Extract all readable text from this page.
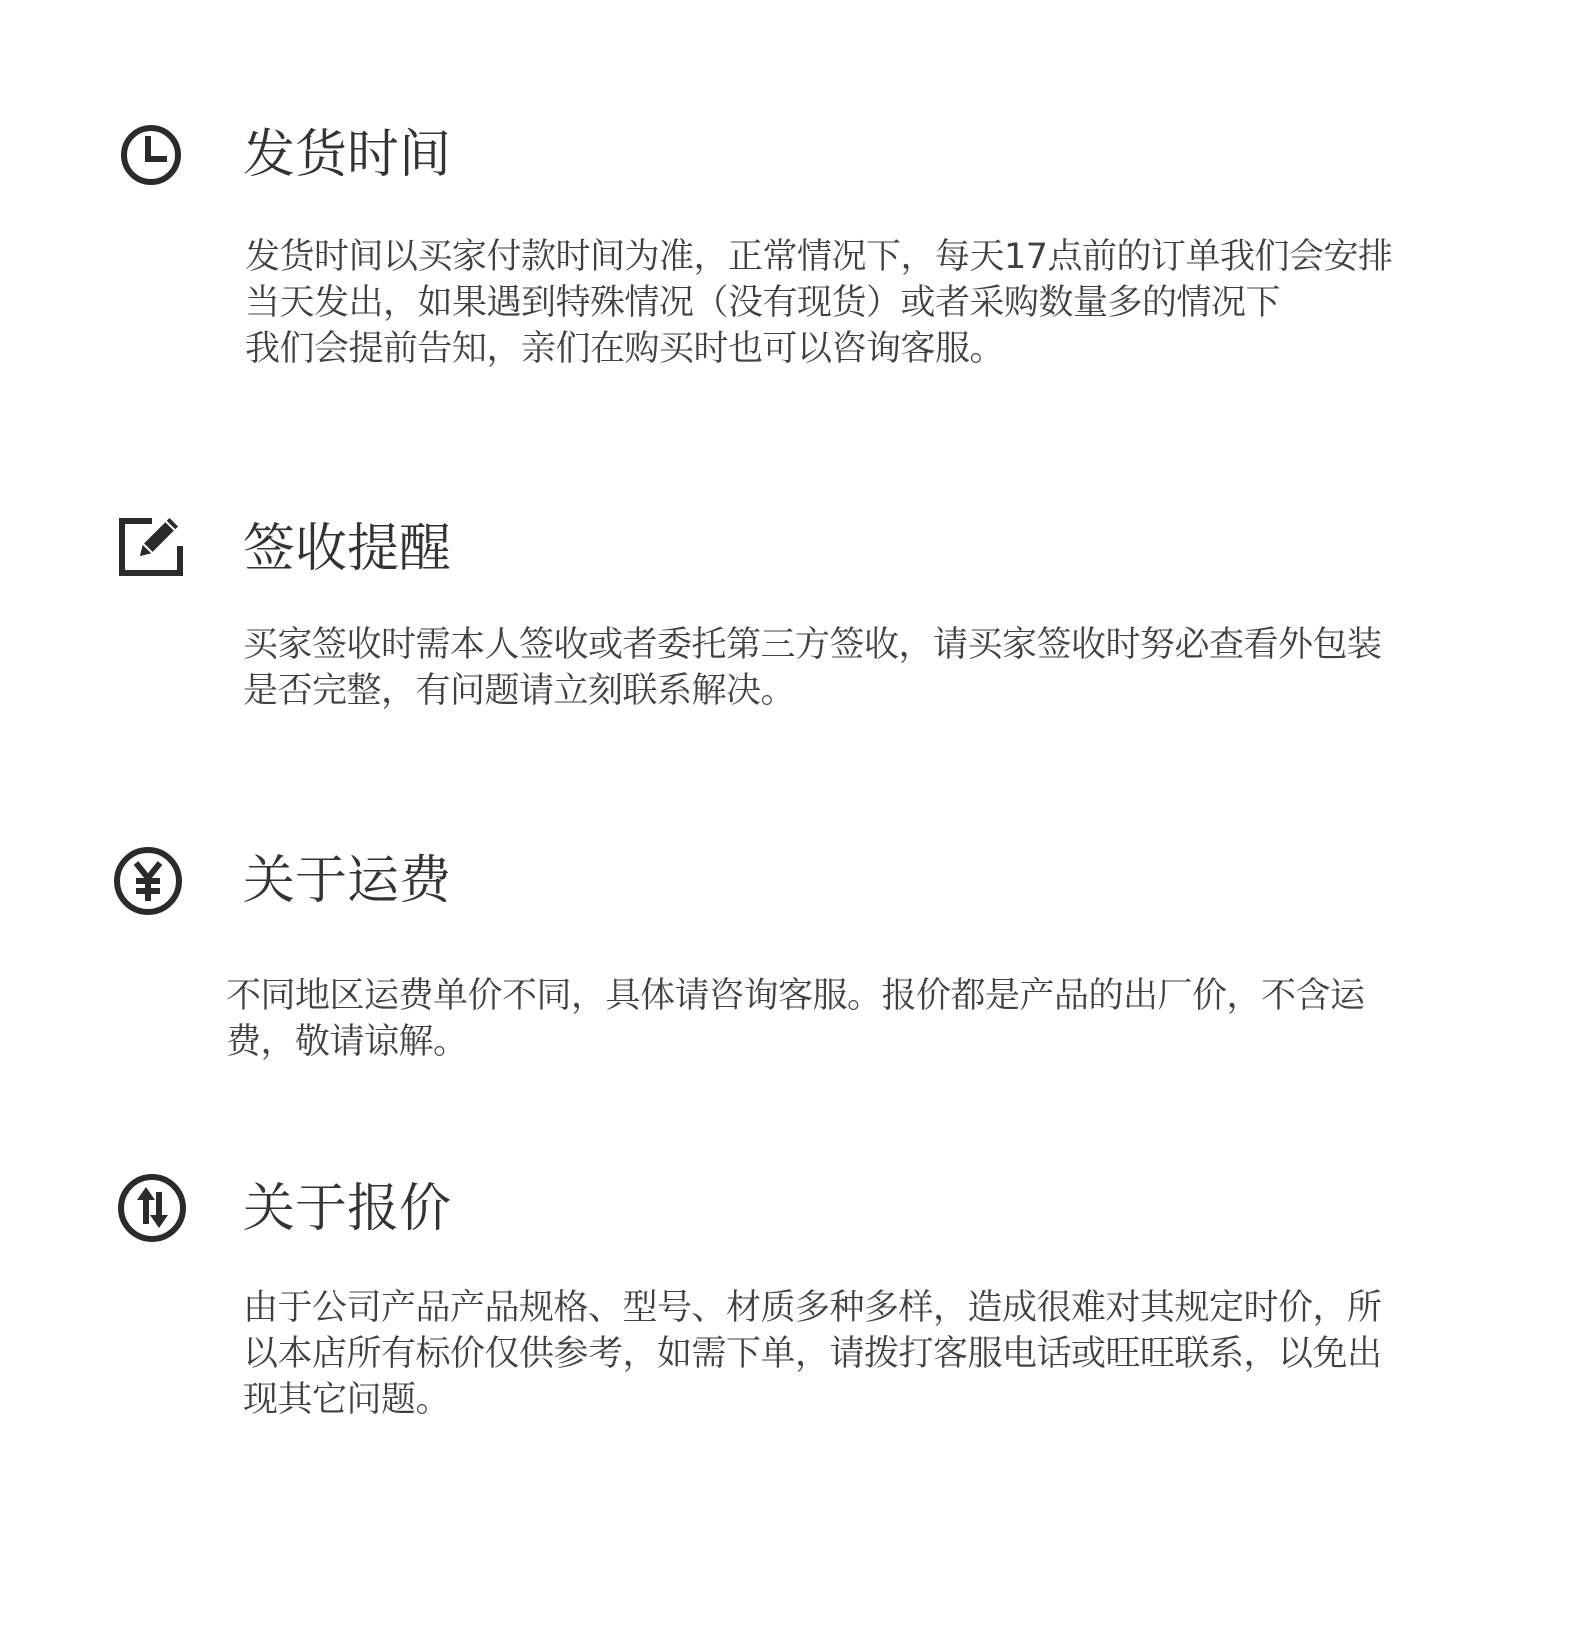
发货时间
发货时间以买家付款时间为准，正常情况下，每天17点前的订单我们会安排
当天发出，如果遇到特殊情况（没有现货）或者采购数量多的情况下
我们会提前告知，亲们在购买时也可以咨询客服。
签收提醒
买家签收时需本人签收或者委托第三方签收，请买家签收时努必查看外包装
是否完整，有问题请立刻联系解决。
关于运费
不同地区运费单价不同，具体请咨询客服。报价都是产品的出厂价，不含运
费，敬请谅解。
关于报价
由于公司产品产品规格、型号、材质多种多样，造成很难对其规定时价，所
以本店所有标价仅供参考，如需下单，请拨打客服电话或旺旺联系，以免出
现其它问题。
